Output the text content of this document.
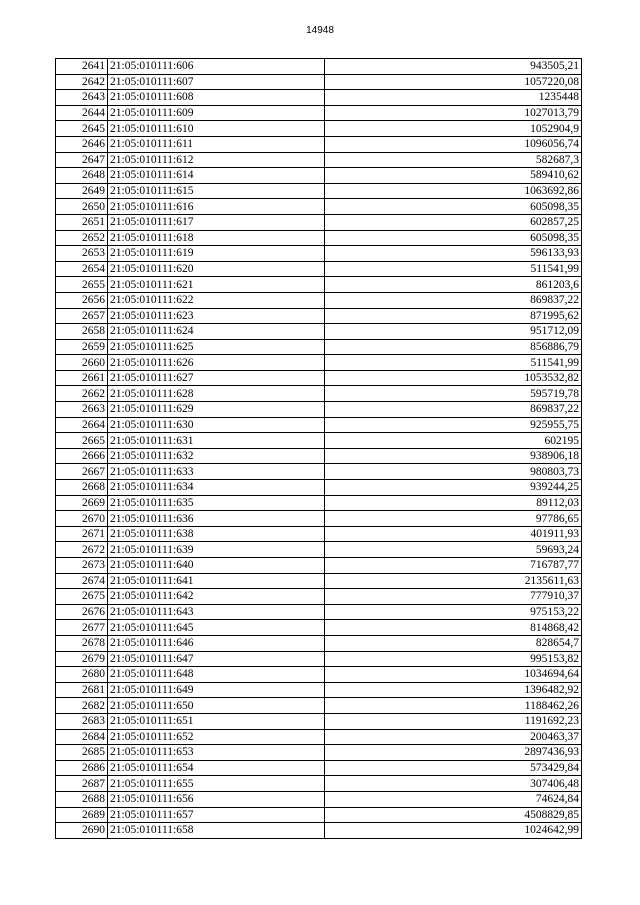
14948
2641	21:05:010111:606	943505,21
2642	21:05:010111:607	1057220,08
2643	21:05:010111:608	1235448
2644	21:05:010111:609	1027013,79
2645	21:05:010111:610	1052904,9
2646	21:05:010111:611	1096056,74
2647	21:05:010111:612	582687,3
2648	21:05:010111:614	589410,62
2649	21:05:010111:615	1063692,86
2650	21:05:010111:616	605098,35
2651	21:05:010111:617	602857,25
2652	21:05:010111:618	605098,35
2653	21:05:010111:619	596133,93
2654	21:05:010111:620	511541,99
2655	21:05:010111:621	861203,6
2656	21:05:010111:622	869837,22
2657	21:05:010111:623	871995,62
2658	21:05:010111:624	951712,09
2659	21:05:010111:625	856886,79
2660	21:05:010111:626	511541,99
2661	21:05:010111:627	1053532,82
2662	21:05:010111:628	595719,78
2663	21:05:010111:629	869837,22
2664	21:05:010111:630	925955,75
2665	21:05:010111:631	602195
2666	21:05:010111:632	938906,18
2667	21:05:010111:633	980803,73
2668	21:05:010111:634	939244,25
2669	21:05:010111:635	89112,03
2670	21:05:010111:636	97786,65
2671	21:05:010111:638	401911,93
2672	21:05:010111:639	59693,24
2673	21:05:010111:640	716787,77
2674	21:05:010111:641	2135611,63
2675	21:05:010111:642	777910,37
2676	21:05:010111:643	975153,22
2677	21:05:010111:645	814868,42
2678	21:05:010111:646	828654,7
2679	21:05:010111:647	995153,82
2680	21:05:010111:648	1034694,64
2681	21:05:010111:649	1396482,92
2682	21:05:010111:650	1188462,26
2683	21:05:010111:651	1191692,23
2684	21:05:010111:652	200463,37
2685	21:05:010111:653	2897436,93
2686	21:05:010111:654	573429,84
2687	21:05:010111:655	307406,48
2688	21:05:010111:656	74624,84
2689	21:05:010111:657	4508829,85
2690	21:05:010111:658	1024642,99
